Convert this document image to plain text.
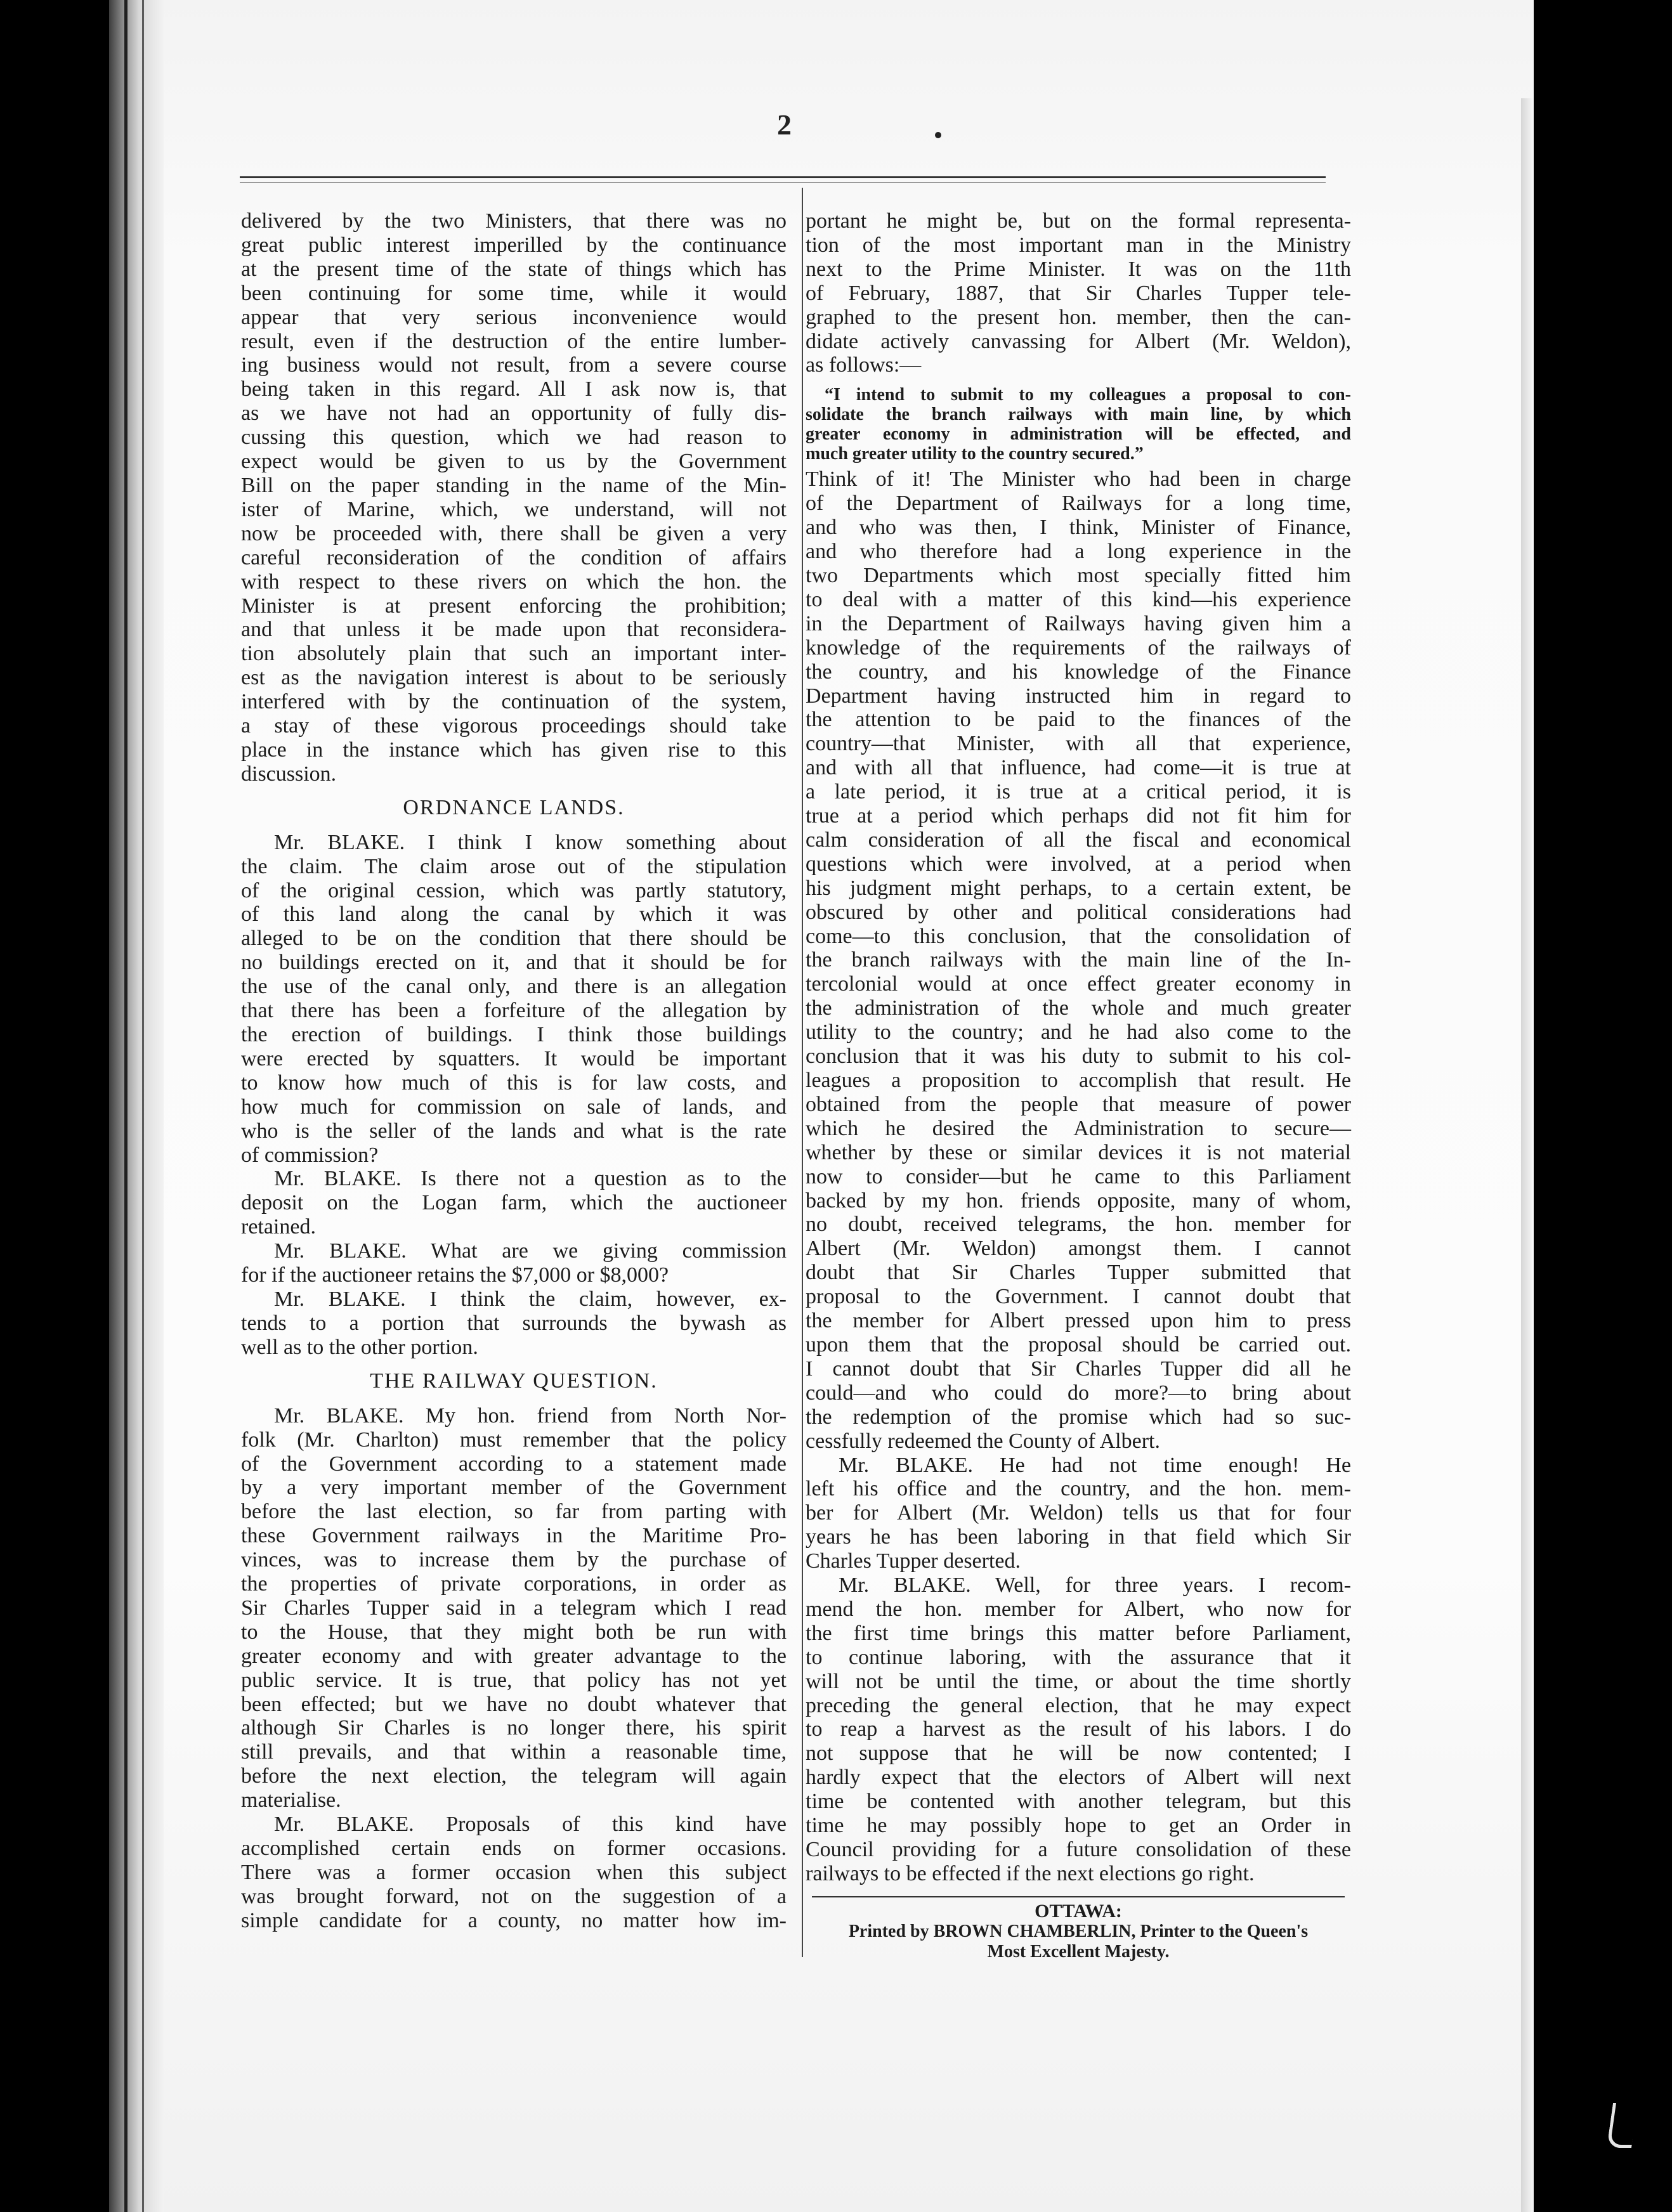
2
delivered by the two Ministers, that there was no
great public interest imperilled by the continuance
at the present time of the state of things which has
been continuing for some time, while it would
appear that very serious inconvenience would
result, even if the destruction of the entire lumber-
ing business would not result, from a severe course
being taken in this regard. All I ask now is, that
as we have not had an opportunity of fully dis-
cussing this question, which we had reason to
expect would be given to us by the Government
Bill on the paper standing in the name of the Min-
ister of Marine, which, we understand, will not
now be proceeded with, there shall be given a very
careful reconsideration of the condition of affairs
with respect to these rivers on which the hon. the
Minister is at present enforcing the prohibition;
and that unless it be made upon that reconsidera-
tion absolutely plain that such an important inter-
est as the navigation interest is about to be seriously
interfered with by the continuation of the system,
a stay of these vigorous proceedings should take
place in the instance which has given rise to this
discussion.
ORDNANCE LANDS.
Mr. BLAKE. I think I know something about
the claim. The claim arose out of the stipulation
of the original cession, which was partly statutory,
of this land along the canal by which it was
alleged to be on the condition that there should be
no buildings erected on it, and that it should be for
the use of the canal only, and there is an allegation
that there has been a forfeiture of the allegation by
the erection of buildings. I think those buildings
were erected by squatters. It would be important
to know how much of this is for law costs, and
how much for commission on sale of lands, and
who is the seller of the lands and what is the rate
of commission?
Mr. BLAKE. Is there not a question as to the
deposit on the Logan farm, which the auctioneer
retained.
Mr. BLAKE. What are we giving commission
for if the auctioneer retains the $7,000 or $8,000?
Mr. BLAKE. I think the claim, however, ex-
tends to a portion that surrounds the bywash as
well as to the other portion.
THE RAILWAY QUESTION.
Mr. BLAKE. My hon. friend from North Nor-
folk (Mr. Charlton) must remember that the policy
of the Government according to a statement made
by a very important member of the Government
before the last election, so far from parting with
these Government railways in the Maritime Pro-
vinces, was to increase them by the purchase of
the properties of private corporations, in order as
Sir Charles Tupper said in a telegram which I read
to the House, that they might both be run with
greater economy and with greater advantage to the
public service. It is true, that policy has not yet
been effected; but we have no doubt whatever that
although Sir Charles is no longer there, his spirit
still prevails, and that within a reasonable time,
before the next election, the telegram will again
materialise.
Mr. BLAKE. Proposals of this kind have
accomplished certain ends on former occasions.
There was a former occasion when this subject
was brought forward, not on the suggestion of a
simple candidate for a county, no matter how im-
portant he might be, but on the formal representa-
tion of the most important man in the Ministry
next to the Prime Minister. It was on the 11th
of February, 1887, that Sir Charles Tupper tele-
graphed to the present hon. member, then the can-
didate actively canvassing for Albert (Mr. Weldon),
as follows:—
“I intend to submit to my colleagues a proposal to con-
solidate the branch railways with main line, by which
greater economy in administration will be effected, and
much greater utility to the country secured.”
Think of it! The Minister who had been in charge
of the Department of Railways for a long time,
and who was then, I think, Minister of Finance,
and who therefore had a long experience in the
two Departments which most specially fitted him
to deal with a matter of this kind—his experience
in the Department of Railways having given him a
knowledge of the requirements of the railways of
the country, and his knowledge of the Finance
Department having instructed him in regard to
the attention to be paid to the finances of the
country—that Minister, with all that experience,
and with all that influence, had come—it is true at
a late period, it is true at a critical period, it is
true at a period which perhaps did not fit him for
calm consideration of all the fiscal and economical
questions which were involved, at a period when
his judgment might perhaps, to a certain extent, be
obscured by other and political considerations had
come—to this conclusion, that the consolidation of
the branch railways with the main line of the In-
tercolonial would at once effect greater economy in
the administration of the whole and much greater
utility to the country; and he had also come to the
conclusion that it was his duty to submit to his col-
leagues a proposition to accomplish that result. He
obtained from the people that measure of power
which he desired the Administration to secure—
whether by these or similar devices it is not material
now to consider—but he came to this Parliament
backed by my hon. friends opposite, many of whom,
no doubt, received telegrams, the hon. member for
Albert (Mr. Weldon) amongst them. I cannot
doubt that Sir Charles Tupper submitted that
proposal to the Government. I cannot doubt that
the member for Albert pressed upon him to press
upon them that the proposal should be carried out.
I cannot doubt that Sir Charles Tupper did all he
could—and who could do more?—to bring about
the redemption of the promise which had so suc-
cessfully redeemed the County of Albert.
Mr. BLAKE. He had not time enough! He
left his office and the country, and the hon. mem-
ber for Albert (Mr. Weldon) tells us that for four
years he has been laboring in that field which Sir
Charles Tupper deserted.
Mr. BLAKE. Well, for three years. I recom-
mend the hon. member for Albert, who now for
the first time brings this matter before Parliament,
to continue laboring, with the assurance that it
will not be until the time, or about the time shortly
preceding the general election, that he may expect
to reap a harvest as the result of his labors. I do
not suppose that he will be now contented; I
hardly expect that the electors of Albert will next
time be contented with another telegram, but this
time he may possibly hope to get an Order in
Council providing for a future consolidation of these
railways to be effected if the next elections go right.
OTTAWA:
Printed by BROWN CHAMBERLIN, Printer to the Queen's
Most Excellent Majesty.
